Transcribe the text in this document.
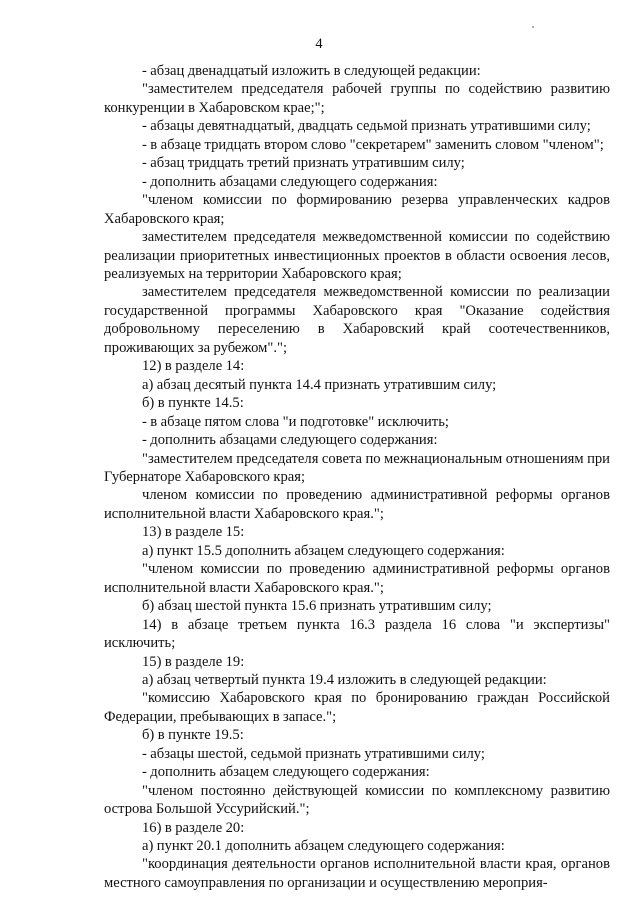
4

- абзац двенадцатый изложить в следующей редакции:

"заместителем председателя рабочей группы по содействию развитию конкуренции в Хабаровском крае;";

- абзацы девятнадцатый, двадцать седьмой признать утратившими силу;

- в абзаце тридцать втором слово "секретарем" заменить словом "членом";

- абзац тридцать третий признать утратившим силу;

- дополнить абзацами следующего содержания:

"членом комиссии по формированию резерва управленческих кадров Хабаровского края;

заместителем председателя межведомственной комиссии по содействию реализации приоритетных инвестиционных проектов в области освоения лесов, реализуемых на территории Хабаровского края;

заместителем председателя межведомственной комиссии по реализации государственной программы Хабаровского края "Оказание содействия добровольному переселению в Хабаровский край соотечественников, проживающих за рубежом".";

12) в разделе 14:

а) абзац десятый пункта 14.4 признать утратившим силу;

б) в пункте 14.5:

- в абзаце пятом слова "и подготовке" исключить;

- дополнить абзацами следующего содержания:

"заместителем председателя совета по межнациональным отношениям при Губернаторе Хабаровского края;

членом комиссии по проведению административной реформы органов исполнительной власти Хабаровского края.";

13) в разделе 15:

а) пункт 15.5 дополнить абзацем следующего содержания:

"членом комиссии по проведению административной реформы органов исполнительной власти Хабаровского края.";

б) абзац шестой пункта 15.6 признать утратившим силу;

14) в абзаце третьем пункта 16.3 раздела 16 слова "и экспертизы" исключить;

15) в разделе 19:

а) абзац четвертый пункта 19.4 изложить в следующей редакции:

"комиссию Хабаровского края по бронированию граждан Российской Федерации, пребывающих в запасе.";

б) в пункте 19.5:

- абзацы шестой, седьмой признать утратившими силу;

- дополнить абзацем следующего содержания:

"членом постоянно действующей комиссии по комплексному развитию острова Большой Уссурийский.";

16) в разделе 20:

а) пункт 20.1 дополнить абзацем следующего содержания:

"координация деятельности органов исполнительной власти края, органов местного самоуправления по организации и осуществлению мероприя-
